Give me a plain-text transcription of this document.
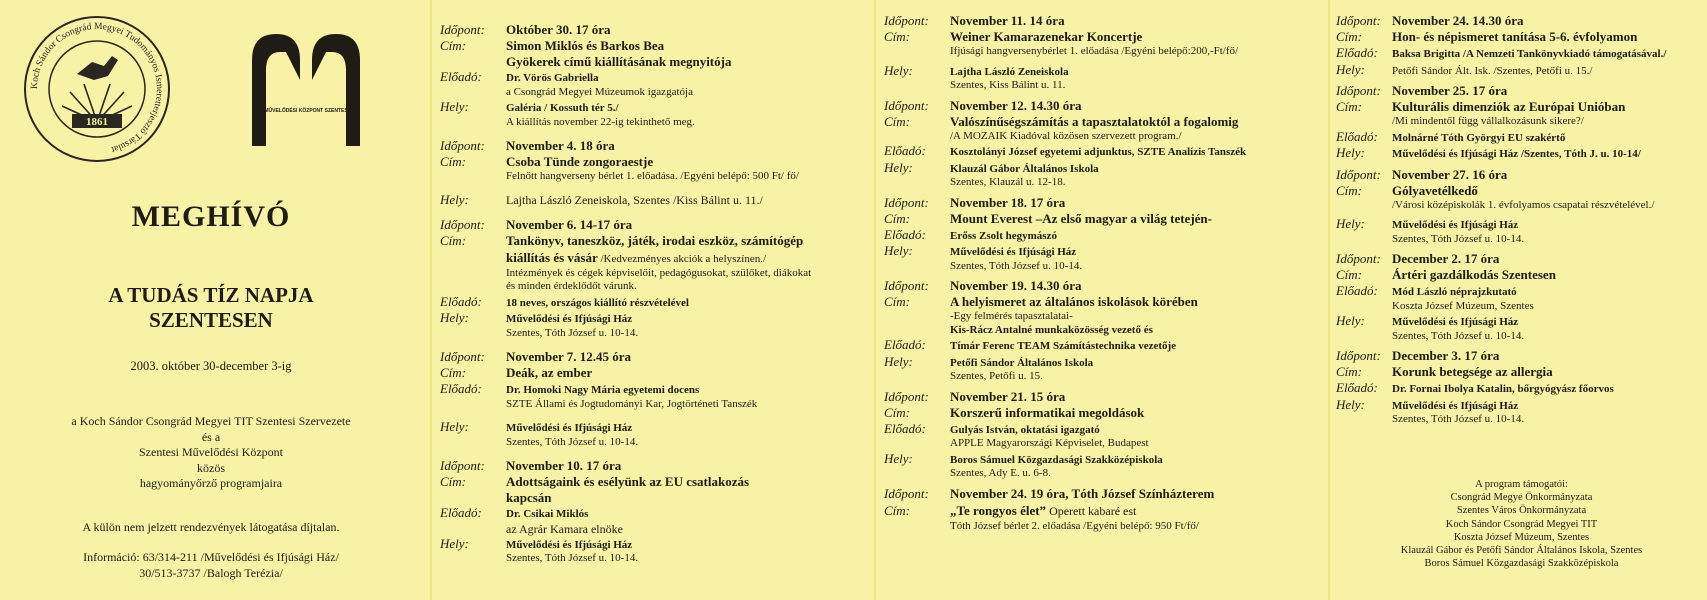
Koch Sándor Csongrád Megyei Tudományos Ismeretterjesztő Társulat
1861
MŰVELŐDÉSI KÖZPONT SZENTES
MEGHÍVÓ
A TUDÁS TÍZ NAPJA
SZENTESEN
2003. október 30-december 3-ig
a Koch Sándor Csongrád Megyei TIT Szentesi Szervezete
és a
Szentesi Művelődési Központ
közös
hagyományőrző programjaira
A külön nem jelzett rendezvények látogatása díjtalan.
Információ: 63/314-211 /Művelődési és Ifjúsági Ház/
30/513-3737 /Balogh Terézia/
Időpont:	Október 30. 17 óra
Cím:	Simon Miklós és Barkos Bea
Gyökerek című kiállításának megnyitója
Előadó:	Dr. Vörös Gabriella
a Csongrád Megyei Múzeumok igazgatója
Hely:	Galéria / Kossuth tér 5./
A kiállítás november 22-ig tekinthető meg.
Időpont:	November 4. 18 óra
Cím:	Csoba Tünde zongoraestje
Felnőtt hangverseny bérlet 1. előadása. /Egyéni belépő: 500 Ft/ fő/
Hely:	Lajtha László Zeneiskola, Szentes /Kiss Bálint u. 11./
Időpont:	November 6. 14-17 óra
Cím:	Tankönyv, taneszköz, játék, irodai eszköz, számítógép
kiállítás és vásár /Kedvezményes akciók a helyszínen./
Intézmények és cégek képviselőit, pedagógusokat, szülőket, diákokat
és minden érdeklődőt várunk.
Előadó:	18 neves, országos kiállító részvételével
Hely:	Művelődési és Ifjúsági Ház
Szentes, Tóth József u. 10-14.
Időpont:	November 7. 12.45 óra
Cím:	Deák, az ember
Előadó:	Dr. Homoki Nagy Mária egyetemi docens
SZTE Állami és Jogtudományi Kar, Jogtörténeti Tanszék
Hely:	Művelődési és Ifjúsági Ház
Szentes, Tóth József u. 10-14.
Időpont:	November 10. 17 óra
Cím:	Adottságaink és esélyünk az EU csatlakozás
kapcsán
Előadó:	Dr. Csikai Miklós
az Agrár Kamara elnöke
Hely:	Művelődési és Ifjúsági Ház
Szentes, Tóth József u. 10-14.
Időpont:	November 11. 14 óra
Cím:	Weiner Kamarazenekar Koncertje
Ifjúsági hangversenybérlet 1. előadása /Egyéni belépő:200,-Ft/fő/
Hely:	Lajtha László Zeneiskola
Szentes, Kiss Bálint u. 11.
Időpont:	November 12. 14.30 óra
Cím:	Valószínűségszámítás a tapasztalatoktól a fogalomig
/A MOZAIK Kiadóval közösen szervezett program./
Előadó:	Kosztolányi József egyetemi adjunktus, SZTE Analízis Tanszék
Hely:	Klauzál Gábor Általános Iskola
Szentes, Klauzál u. 12-18.
Időpont:	November 18. 17 óra
Cím:	Mount Everest –Az első magyar a világ tetején-
Előadó:	Erőss Zsolt hegymászó
Hely:	Művelődési és Ifjúsági Ház
Szentes, Tóth József u. 10-14.
Időpont:	November 19. 14.30 óra
Cím:	A helyismeret az általános iskolások körében
-Egy felmérés tapasztalatai-
Kis-Rácz Antalné munkaközösség vezető és
Előadó:	Tímár Ferenc TEAM Számítástechnika vezetője
Hely:	Petőfi Sándor Általános Iskola
Szentes, Petőfi u. 15.
Időpont:	November 21. 15 óra
Cím:	Korszerű informatikai megoldások
Előadó:	Gulyás István, oktatási igazgató
APPLE Magyarországi Képviselet, Budapest
Hely:	Boros Sámuel Közgazdasági Szakközépiskola
Szentes, Ady E. u. 6-8.
Időpont:	November 24. 19 óra, Tóth József Színházterem
Cím:	„Te rongyos élet” Operett kabaré est
Tóth József bérlet 2. előadása /Egyéni belépő: 950 Ft/fő/
Időpont: November 24. 14.30 óra
Cím:	Hon- és népismeret tanítása 5-6. évfolyamon
Előadó:	Baksa Brigitta /A Nemzeti Tankönyvkiadó támogatásával./
Hely:	Petőfi Sándor Ált. Isk. /Szentes, Petőfi u. 15./
Időpont: November 25. 17 óra
Cím:	Kulturális dimenziók az Európai Unióban
/Mi mindentől függ vállalkozásunk sikere?/
Előadó:	Molnárné Tóth Györgyi EU szakértő
Hely:	Művelődési és Ifjúsági Ház /Szentes, Tóth J. u. 10-14/
Időpont: November 27. 16 óra
Cím:	Gólyavetélkedő
/Városi középiskolák 1. évfolyamos csapatai részvételével./
Hely:	Művelődési és Ifjúsági Ház
Szentes, Tóth József u. 10-14.
Időpont: December 2. 17 óra
Cím:	Ártéri gazdálkodás Szentesen
Előadó:	Mód László néprajzkutató
Koszta József Múzeum, Szentes
Hely:	Művelődési és Ifjúsági Ház
Szentes, Tóth József u. 10-14.
Időpont: December 3. 17 óra
Cím:	Korunk betegsége az allergia
Előadó:	Dr. Fornai Ibolya Katalin, bőrgyógyász főorvos
Hely:	Művelődési és Ifjúsági Ház
Szentes, Tóth József u. 10-14.
A program támogatói:
Csongrád Megye Önkormányzata
Szentes Város Önkormányzata
Koch Sándor Csongrád Megyei TIT
Koszta József Múzeum, Szentes
Klauzál Gábor és Petőfi Sándor Általános Iskola, Szentes
Boros Sámuel Közgazdasági Szakközépiskola
